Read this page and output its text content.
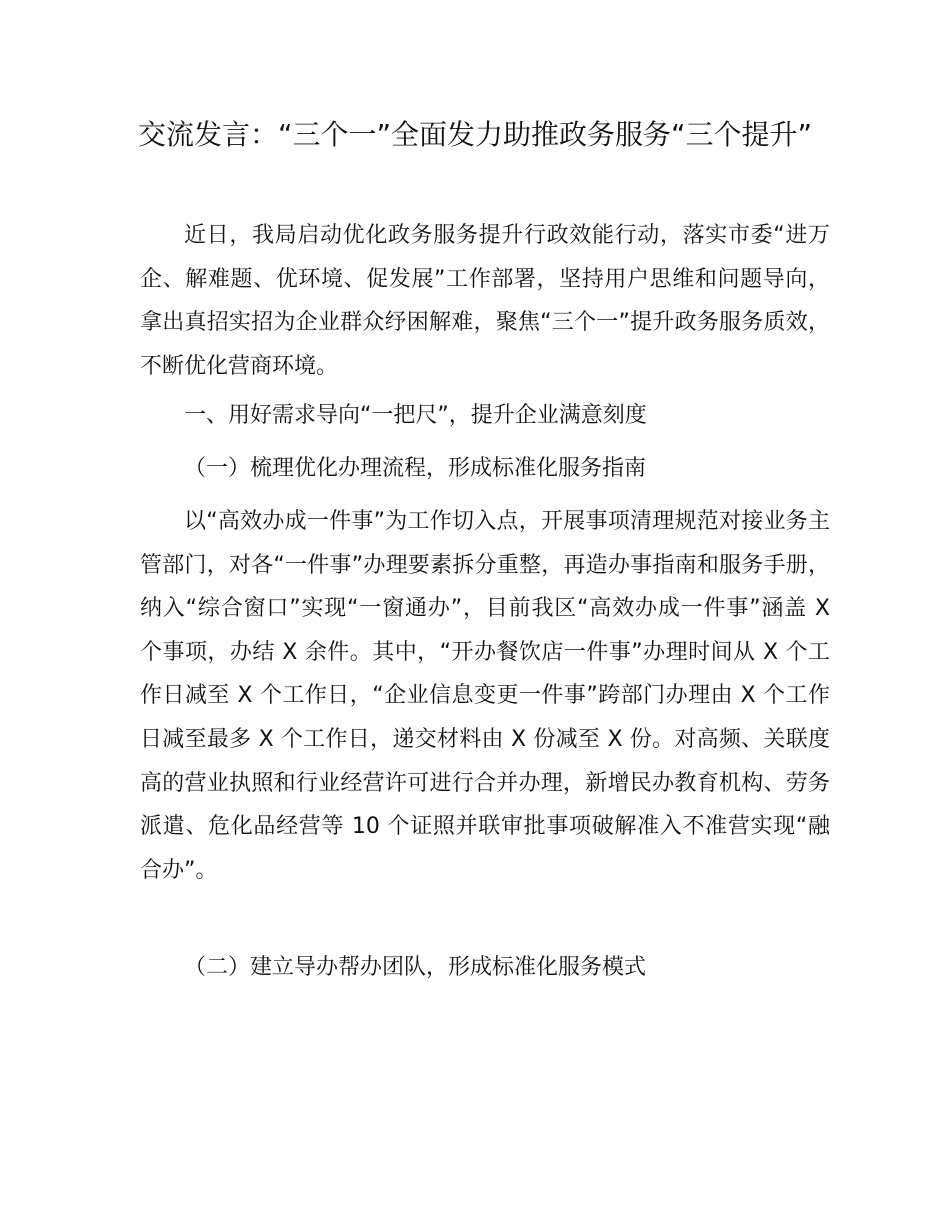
交流发言：“三个一”全面发力助推政务服务“三个提升”

近日，我局启动优化政务服务提升行政效能行动，落实市委“进万企、解难题、优环境、促发展”工作部署，坚持用户思维和问题导向，拿出真招实招为企业群众纾困解难，聚焦“三个一”提升政务服务质效，不断优化营商环境。

一、用好需求导向“一把尺”，提升企业满意刻度

（一）梳理优化办理流程，形成标准化服务指南

以“高效办成一件事”为工作切入点，开展事项清理规范对接业务主管部门，对各“一件事”办理要素拆分重整，再造办事指南和服务手册，纳入“综合窗口”实现“一窗通办”，目前我区“高效办成一件事”涵盖 X 个事项，办结 X 余件。其中，“开办餐饮店一件事”办理时间从 X 个工作日减至 X 个工作日，“企业信息变更一件事”跨部门办理由 X 个工作日减至最多 X 个工作日，递交材料由 X 份减至 X 份。对高频、关联度高的营业执照和行业经营许可进行合并办理，新增民办教育机构、劳务派遣、危化品经营等 10 个证照并联审批事项破解准入不准营实现“融合办”。

（二）建立导办帮办团队，形成标准化服务模式
